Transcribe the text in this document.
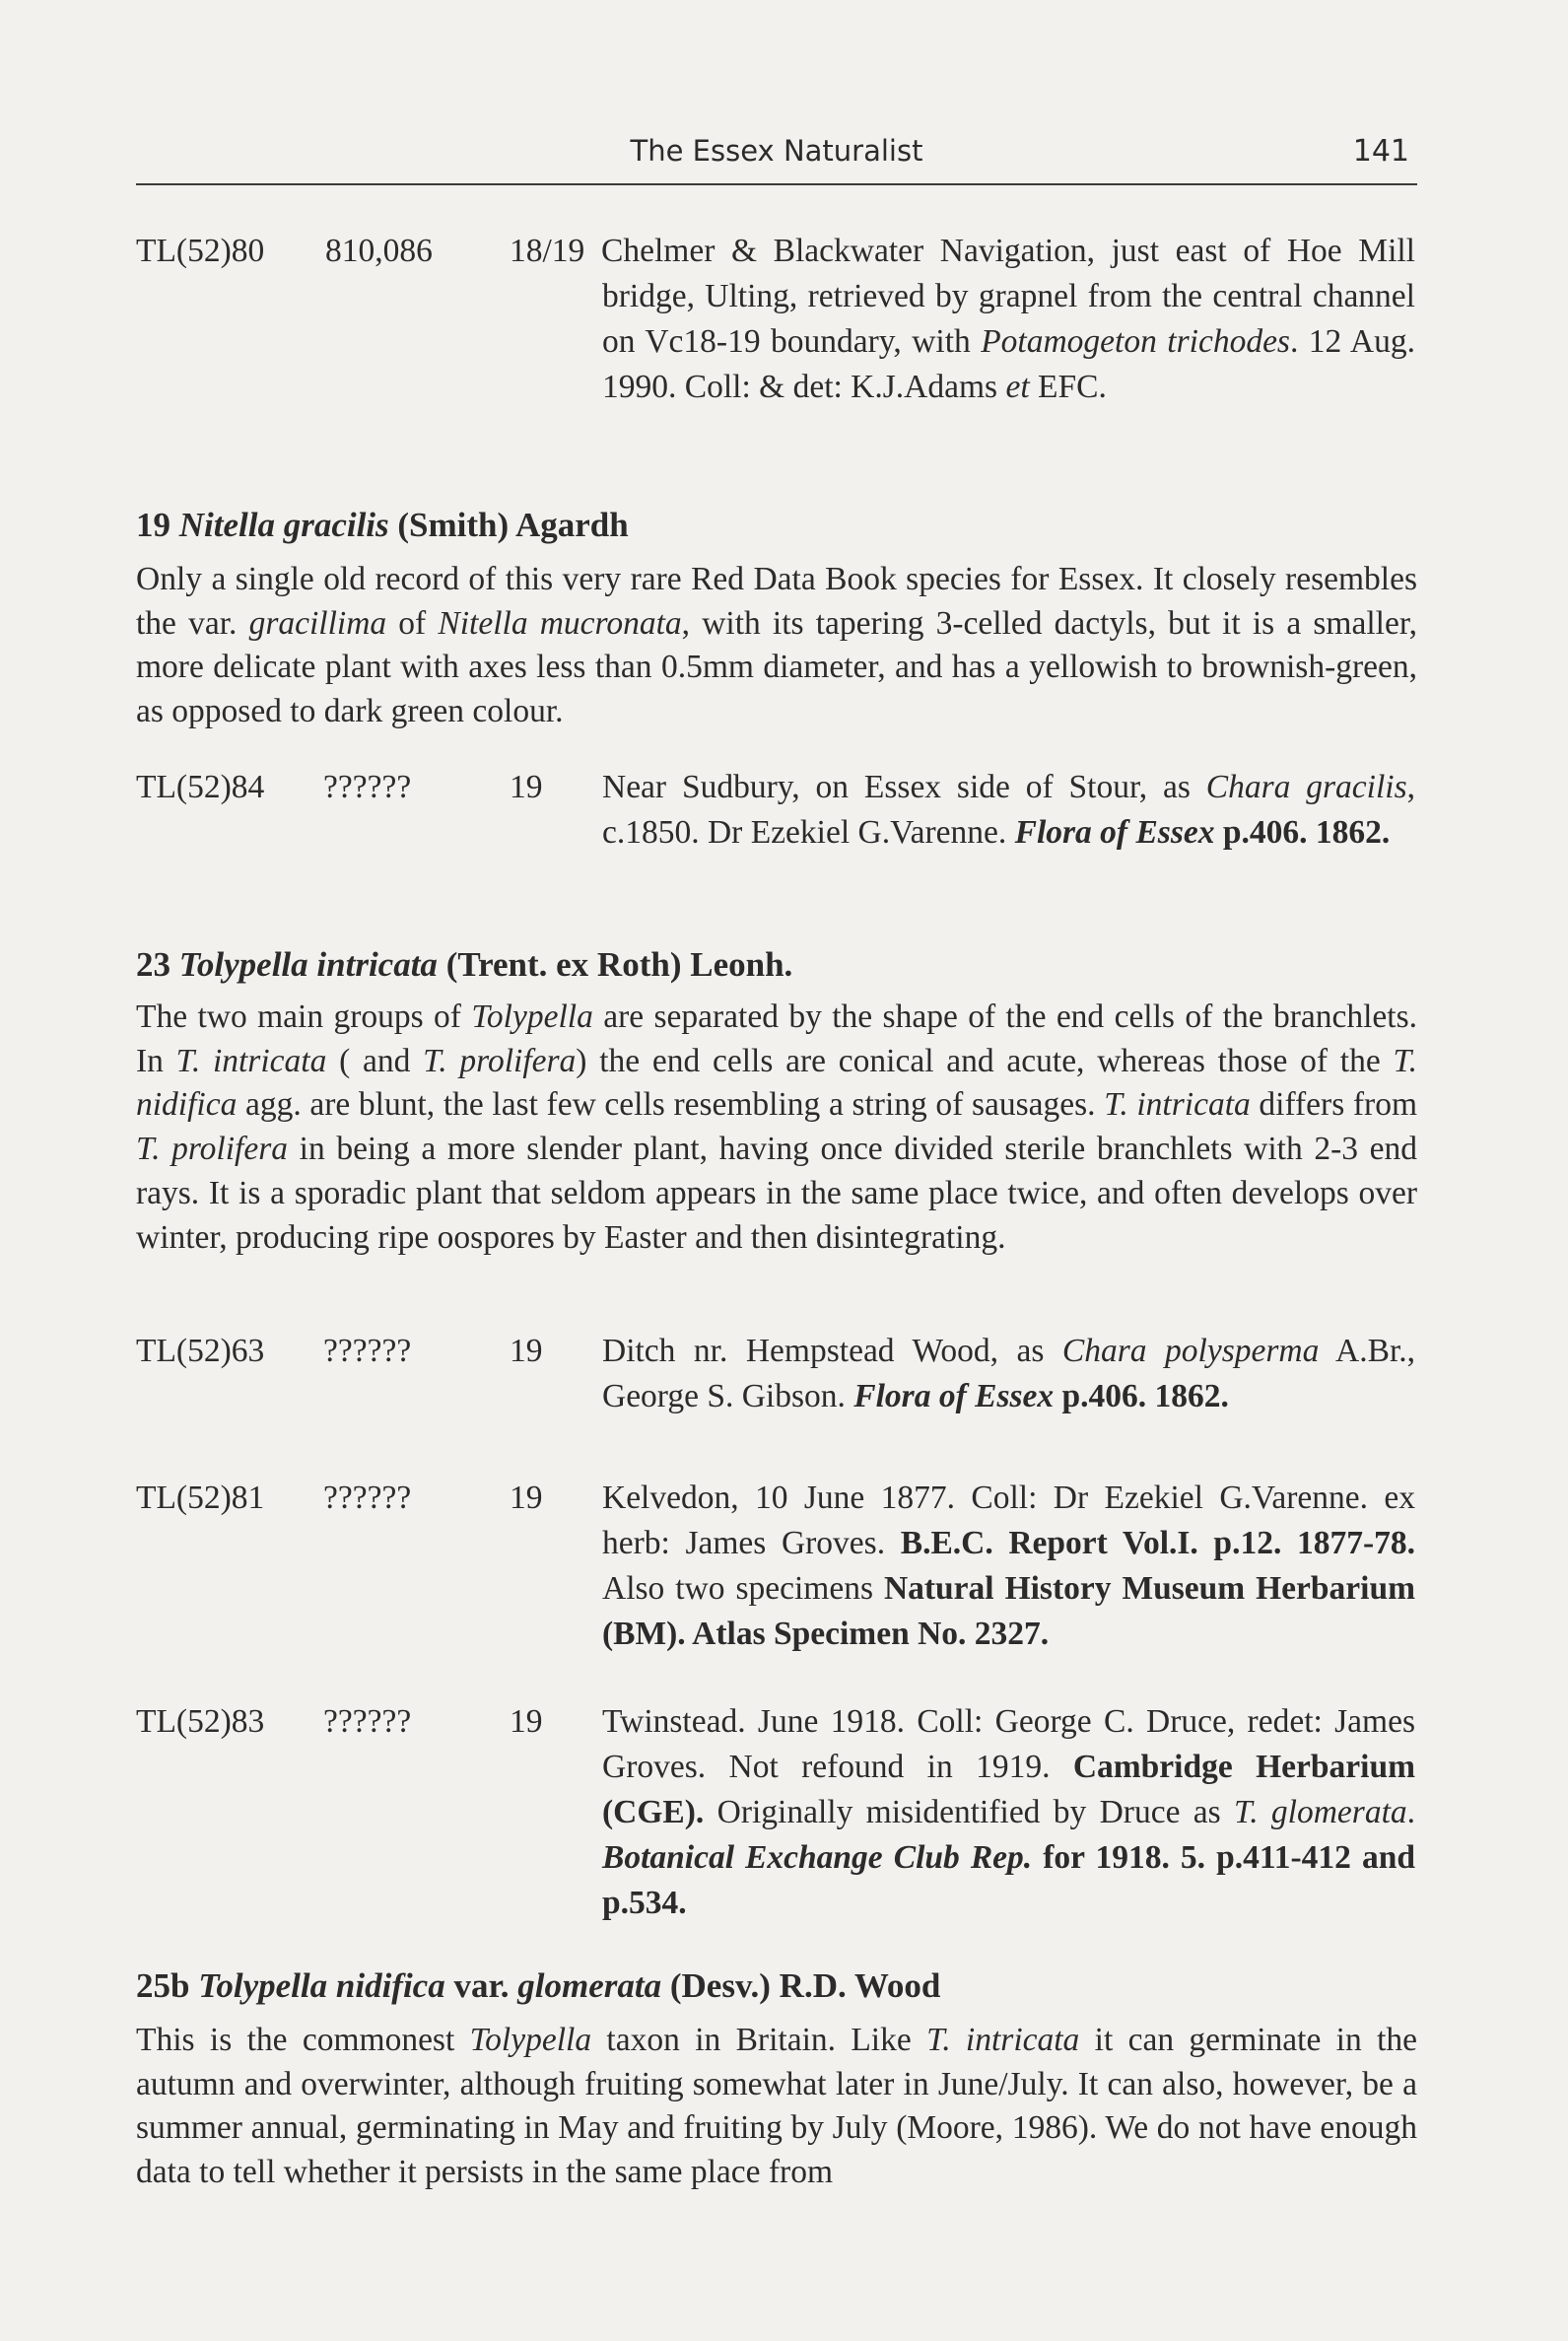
The Essex Naturalist	141
TL(52)80 810,086 18/19 Chelmer & Blackwater Navigation, just east of Hoe Mill bridge, Ulting, retrieved by grapnel from the central channel on Vc18-19 boundary, with Potamogeton trichodes. 12 Aug. 1990. Coll: & det: K.J.Adams et EFC.
19 Nitella gracilis (Smith) Agardh
Only a single old record of this very rare Red Data Book species for Essex. It closely resembles the var. gracillima of Nitella mucronata, with its tapering 3-celled dactyls, but it is a smaller, more delicate plant with axes less than 0.5mm diameter, and has a yellowish to brownish-green, as opposed to dark green colour.
TL(52)84 ??????	19 Near Sudbury, on Essex side of Stour, as Chara gracilis, c.1850. Dr Ezekiel G.Varenne. Flora of Essex p.406. 1862.
23 Tolypella intricata (Trent. ex Roth) Leonh.
The two main groups of Tolypella are separated by the shape of the end cells of the branchlets. In T. intricata ( and T. prolifera) the end cells are conical and acute, whereas those of the T. nidifica agg. are blunt, the last few cells resembling a string of sausages. T. intricata differs from T. prolifera in being a more slender plant, having once divided sterile branchlets with 2-3 end rays. It is a sporadic plant that seldom appears in the same place twice, and often develops over winter, producing ripe oospores by Easter and then disintegrating.
TL(52)63 ??????	19 Ditch nr. Hempstead Wood, as Chara polysperma A.Br., George S. Gibson. Flora of Essex p.406. 1862.
TL(52)81 ??????	19 Kelvedon, 10 June 1877. Coll: Dr Ezekiel G.Varenne. ex herb: James Groves. B.E.C. Report Vol.I. p.12. 1877-78. Also two specimens Natural History Museum Herbarium (BM). Atlas Specimen No. 2327.
TL(52)83 ??????	19 Twinstead. June 1918. Coll: George C. Druce, redet: James Groves. Not refound in 1919. Cambridge Herbarium (CGE). Originally misidentified by Druce as T. glomerata. Botanical Exchange Club Rep. for 1918. 5. p.411-412 and p.534.
25b Tolypella nidifica var. glomerata (Desv.) R.D. Wood
This is the commonest Tolypella taxon in Britain. Like T. intricata it can germinate in the autumn and overwinter, although fruiting somewhat later in June/July. It can also, however, be a summer annual, germinating in May and fruiting by July (Moore, 1986). We do not have enough data to tell whether it persists in the same place from
